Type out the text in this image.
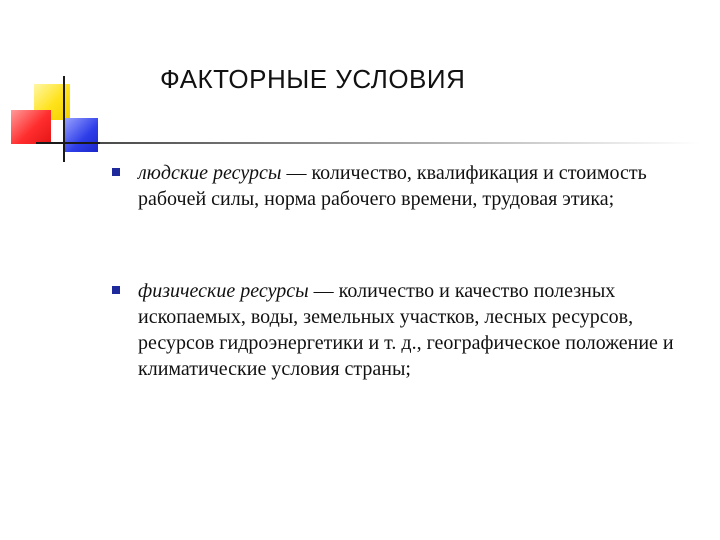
ФАКТОРНЫЕ УСЛОВИЯ
людские ресурсы — количество, квалификация и стоимость рабочей силы, норма рабочего времени, трудовая этика;
физические ресурсы — количество и качество полезных ископаемых, воды, земельных участков, лесных ресурсов, ресурсов гидроэнергетики и т. д., географическое положение и климатические условия страны;
